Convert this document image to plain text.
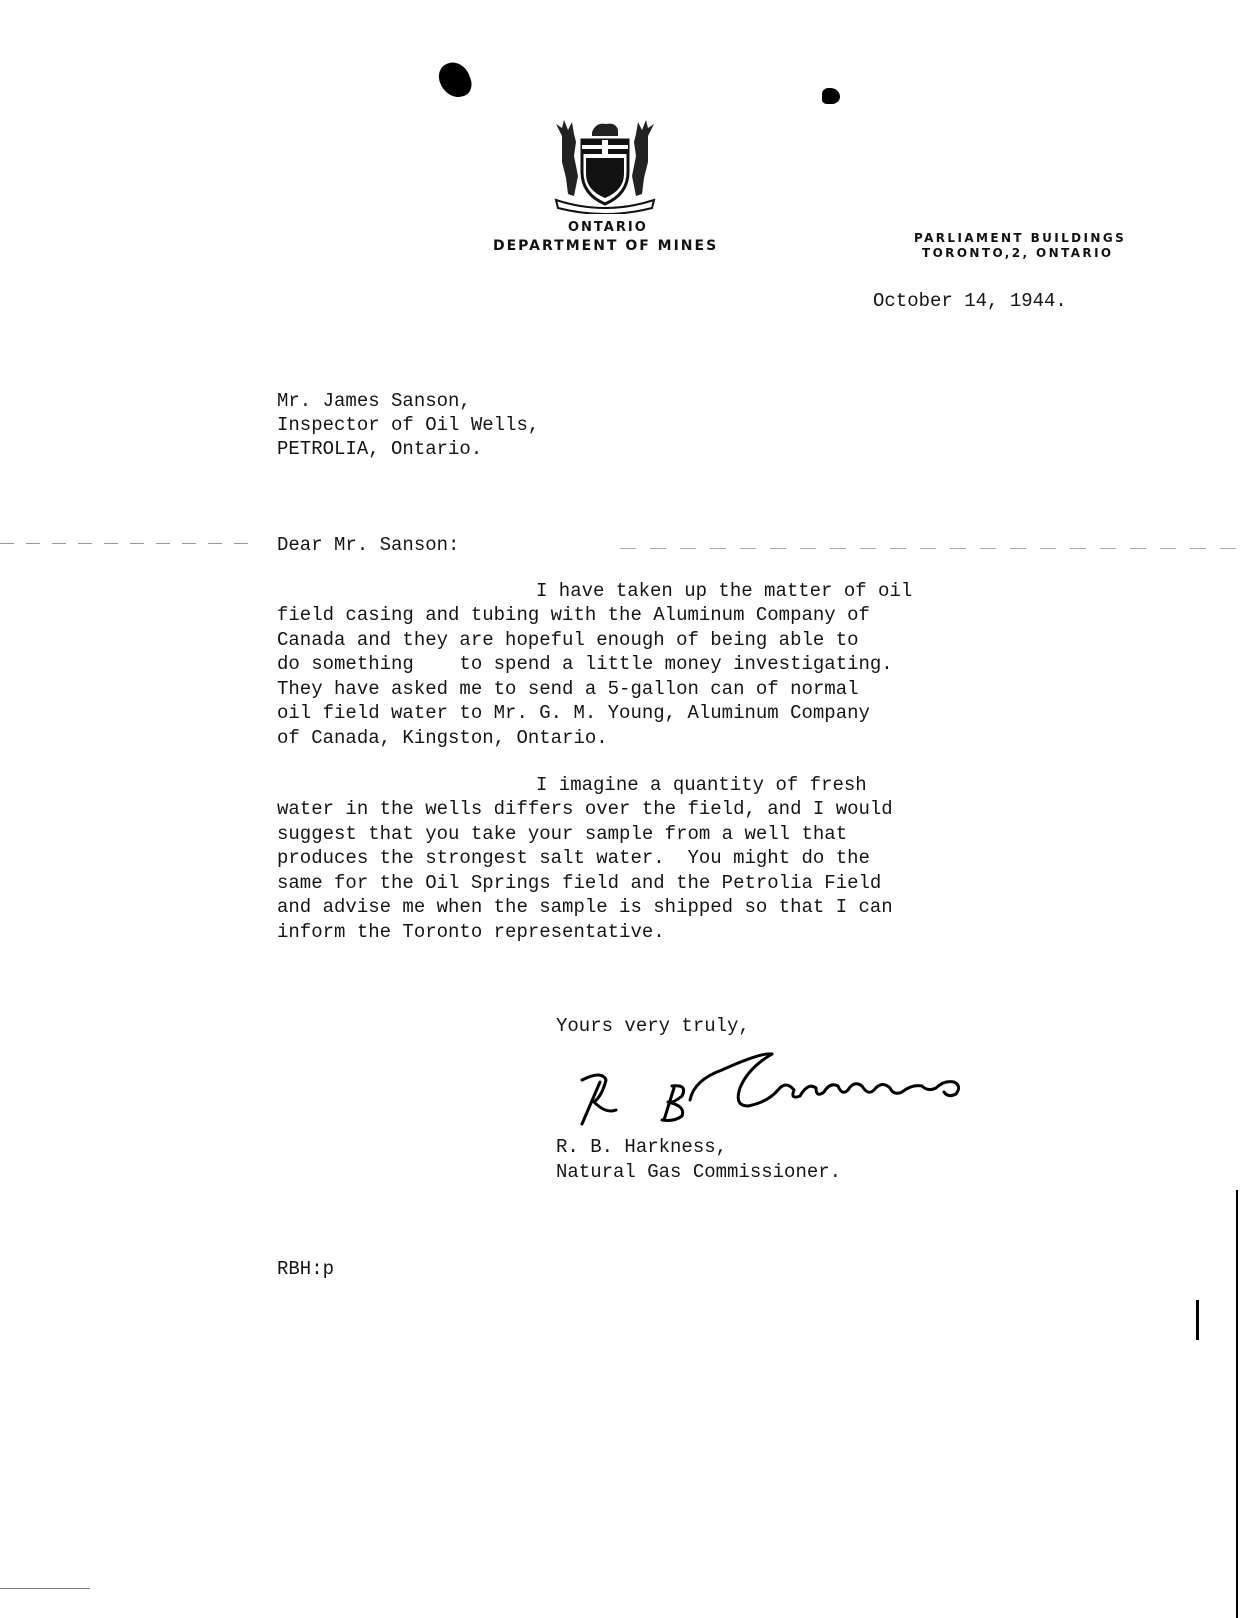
ONTARIO
DEPARTMENT OF MINES	PARLIAMENT BUILDINGS
TORONTO,2, ONTARIO
October 14, 1944.
Mr. James Sanson,
Inspector of Oil Wells,
PETROLIA, Ontario.
Dear Mr. Sanson:
I have taken up the matter of oil
field casing and tubing with the Aluminum Company of
Canada and they are hopeful enough of being able to
do something    to spend a little money investigating.
They have asked me to send a 5-gallon can of normal
oil field water to Mr. G. M. Young, Aluminum Company
of Canada, Kingston, Ontario.
I imagine a quantity of fresh
water in the wells differs over the field, and I would
suggest that you take your sample from a well that
produces the strongest salt water.  You might do the
same for the Oil Springs field and the Petrolia Field
and advise me when the sample is shipped so that I can
inform the Toronto representative.
Yours very truly,
R. B. Harkness,
Natural Gas Commissioner.
RBH:p
